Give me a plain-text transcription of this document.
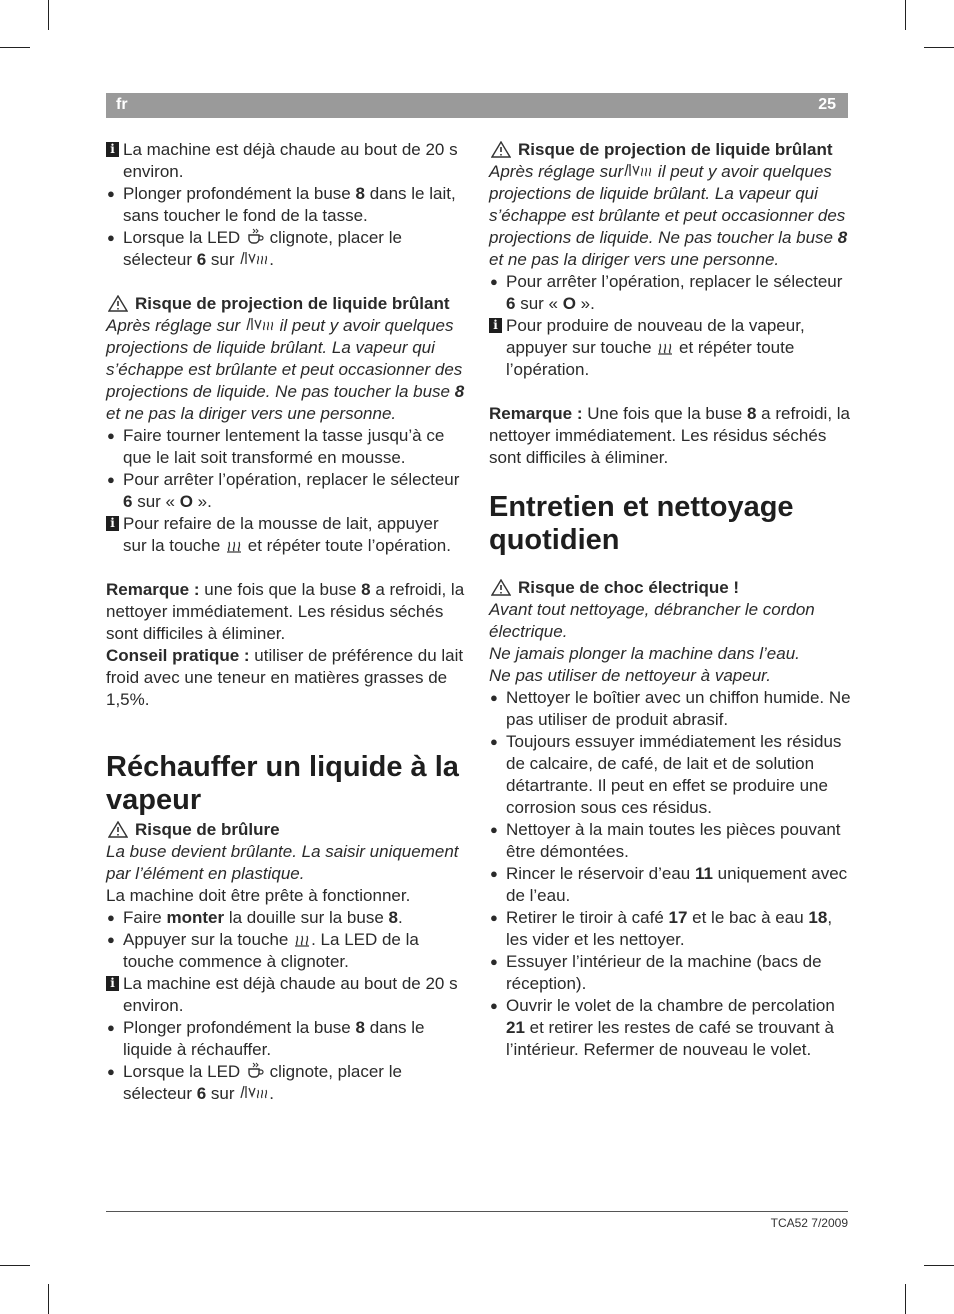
fr	25

i La machine est déjà chaude au bout de 20 s environ.

● Plonger profondément la buse 8 dans le lait, sans toucher le fond de la tasse.

● Lorsque la LED  clignote, placer le sélecteur 6 sur .

Risque de projection de liquide brûlant

Après réglage sur  il peut y avoir quelques projections de liquide brûlant. La vapeur qui s’échappe est brûlante et peut occasionner des projections de liquide. Ne pas toucher la buse 8 et ne pas la diriger vers une personne.

● Faire tourner lentement la tasse jusqu’à ce que le lait soit transformé en mousse.

● Pour arrêter l’opération, replacer le sélecteur 6 sur « O ».

i Pour refaire de la mousse de lait, appuyer sur la touche  et répéter toute l’opération.

Remarque : une fois que la buse 8 a refroidi, la nettoyer immédiatement. Les résidus séchés sont difficiles à éliminer.

Conseil pratique : utiliser de préférence du lait froid avec une teneur en matières grasses de 1,5%.

Réchauffer un liquide à la vapeur

Risque de brûlure

La buse devient brûlante. La saisir uniquement par l’élément en plastique.

La machine doit être prête à fonctionner.

● Faire monter la douille sur la buse 8.

● Appuyer sur la touche . La LED de la touche commence à clignoter.

i La machine est déjà chaude au bout de 20 s environ.

● Plonger profondément la buse 8 dans le liquide à réchauffer.

● Lorsque la LED  clignote, placer le sélecteur 6 sur .

Risque de projection de liquide brûlant

Après réglage sur il peut y avoir quelques projections de liquide brûlant. La vapeur qui s’échappe est brûlante et peut occasionner des projections de liquide. Ne pas toucher la buse 8 et ne pas la diriger vers une personne.

● Pour arrêter l’opération, replacer le sélecteur 6 sur « O ».

i Pour produire de nouveau de la vapeur, appuyer sur touche  et répéter toute l’opération.

Remarque : Une fois que la buse 8 a refroidi, la nettoyer immédiatement. Les résidus séchés sont difficiles à éliminer.

Entretien et nettoyage quotidien

Risque de choc électrique !

Avant tout nettoyage, débrancher le cordon électrique.

Ne jamais plonger la machine dans l’eau.

Ne pas utiliser de nettoyeur à vapeur.

● Nettoyer le boîtier avec un chiffon humide. Ne pas utiliser de produit abrasif.

● Toujours essuyer immédiatement les résidus de calcaire, de café, de lait et de solution détartrante. Il peut en effet se produire une corrosion sous ces résidus.

● Nettoyer à la main toutes les pièces pouvant être démontées.

● Rincer le réservoir d’eau 11 uniquement avec de l’eau.

● Retirer le tiroir à café 17 et le bac à eau 18, les vider et les nettoyer.

● Essuyer l’intérieur de la machine (bacs de réception).

● Ouvrir le volet de la chambre de percolation 21 et retirer les restes de café se trouvant à l’intérieur. Refermer de nouveau le volet.

TCA52 7/2009
